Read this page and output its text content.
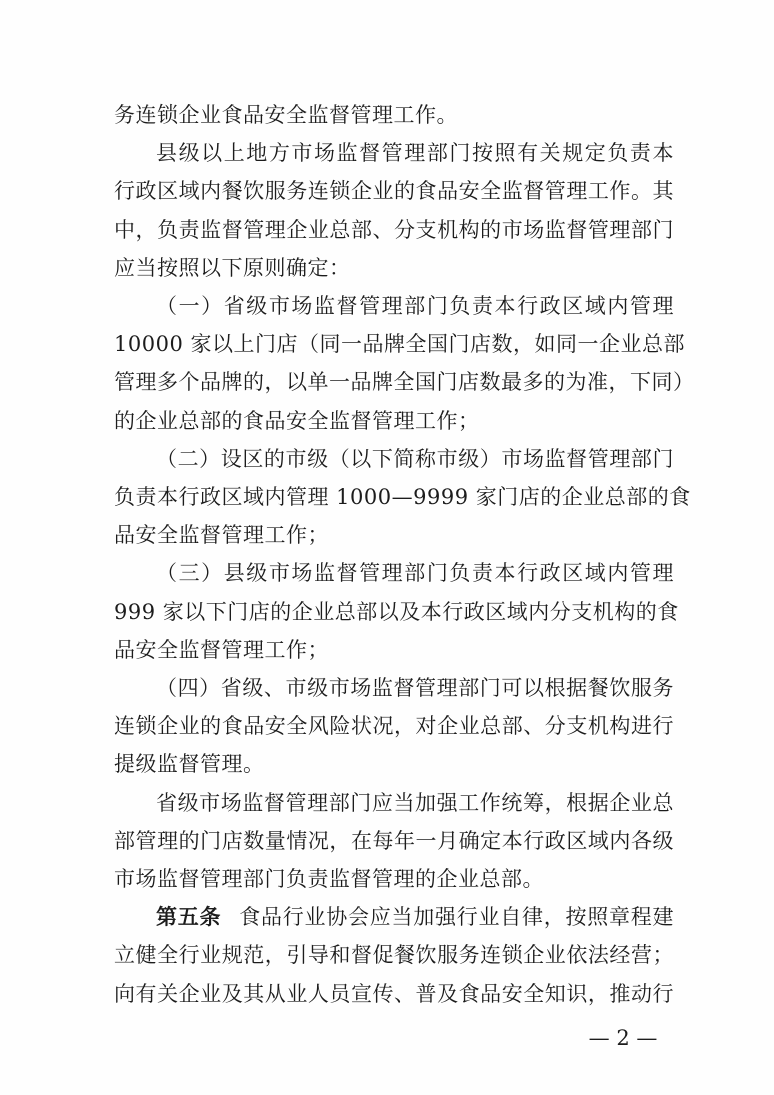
务连锁企业食品安全监督管理工作。
县级以上地方市场监督管理部门按照有关规定负责本
行政区域内餐饮服务连锁企业的食品安全监督管理工作。其
中，负责监督管理企业总部、分支机构的市场监督管理部门
应当按照以下原则确定：
（一）省级市场监督管理部门负责本行政区域内管理
10000 家以上门店（同一品牌全国门店数，如同一企业总部
管理多个品牌的，以单一品牌全国门店数最多的为准，下同）
的企业总部的食品安全监督管理工作；
（二）设区的市级（以下简称市级）市场监督管理部门
负责本行政区域内管理 1000—9999 家门店的企业总部的食
品安全监督管理工作；
（三）县级市场监督管理部门负责本行政区域内管理
999 家以下门店的企业总部以及本行政区域内分支机构的食
品安全监督管理工作；
（四）省级、市级市场监督管理部门可以根据餐饮服务
连锁企业的食品安全风险状况，对企业总部、分支机构进行
提级监督管理。
省级市场监督管理部门应当加强工作统筹，根据企业总
部管理的门店数量情况，在每年一月确定本行政区域内各级
市场监督管理部门负责监督管理的企业总部。
第五条 食品行业协会应当加强行业自律，按照章程建
立健全行业规范，引导和督促餐饮服务连锁企业依法经营；
向有关企业及其从业人员宣传、普及食品安全知识，推动行
— 2 —
